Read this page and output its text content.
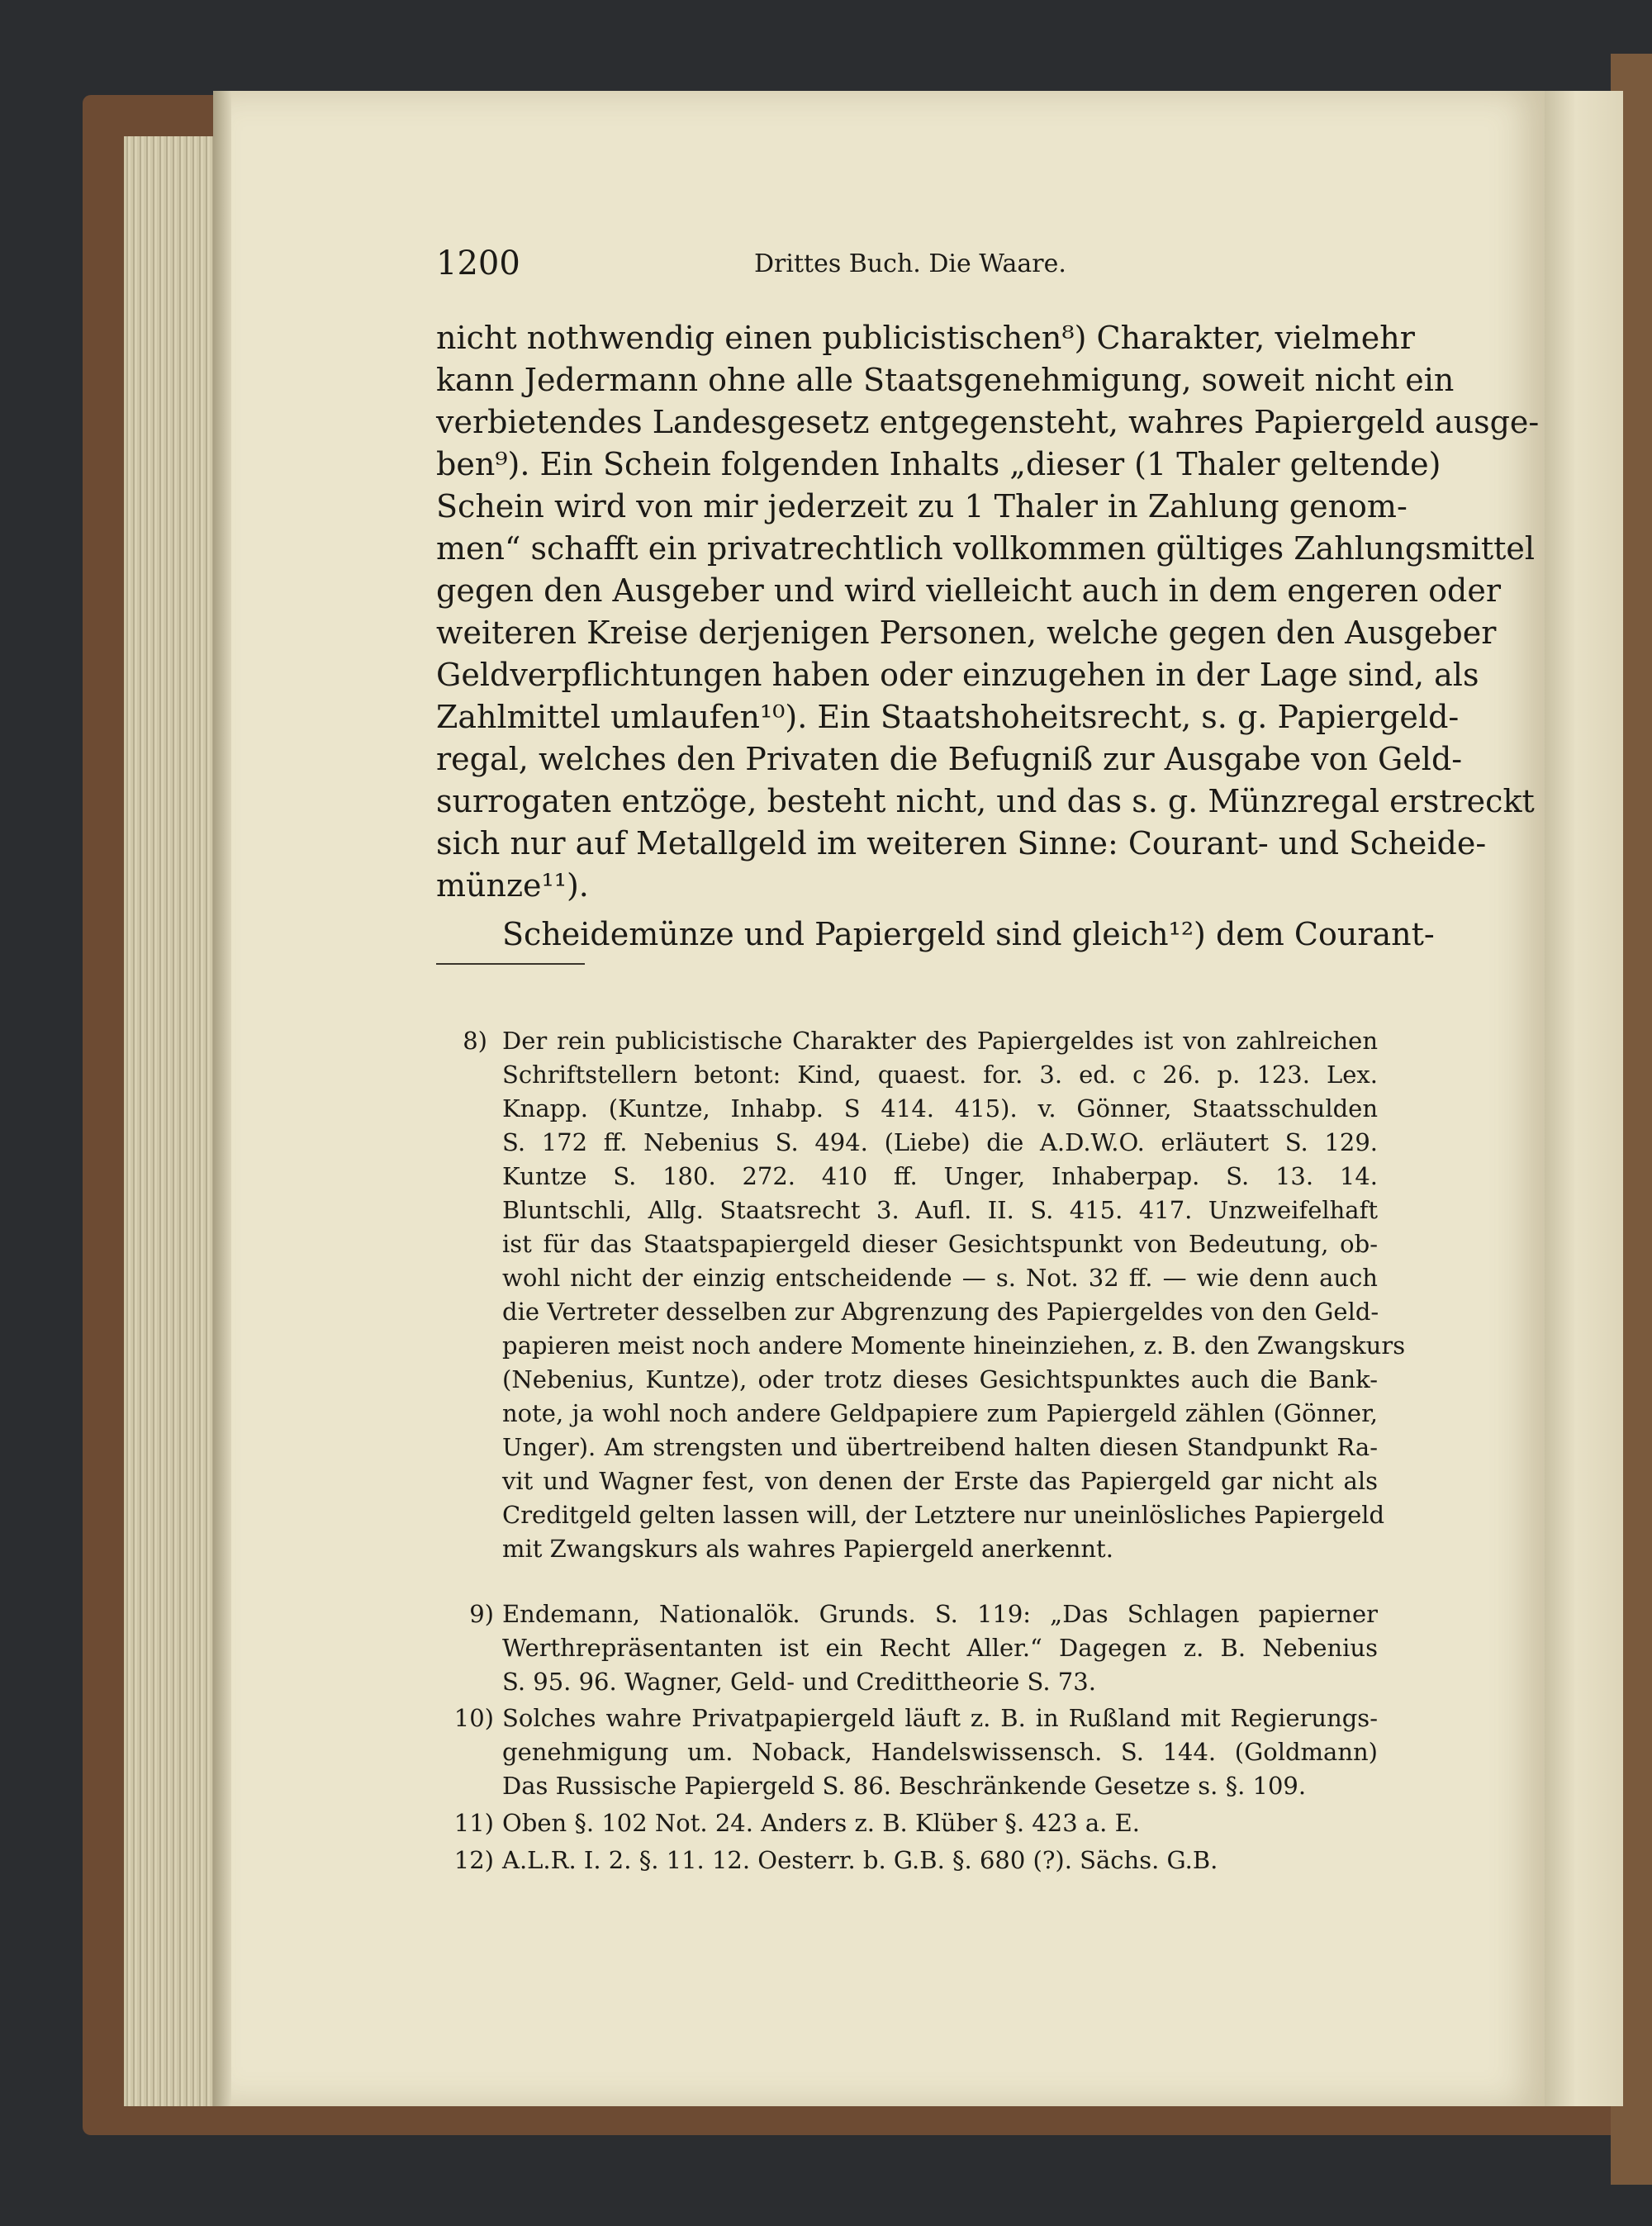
1200	Drittes Buch. Die Waare.
nicht nothwendig einen publicistischen⁸) Charakter, vielmehr
kann Jedermann ohne alle Staatsgenehmigung, soweit nicht ein
verbietendes Landesgesetz entgegensteht, wahres Papiergeld ausge-
ben⁹). Ein Schein folgenden Inhalts „dieser (1 Thaler geltende)
Schein wird von mir jederzeit zu 1 Thaler in Zahlung genom-
men“ schafft ein privatrechtlich vollkommen gültiges Zahlungsmittel
gegen den Ausgeber und wird vielleicht auch in dem engeren oder
weiteren Kreise derjenigen Personen, welche gegen den Ausgeber
Geldverpflichtungen haben oder einzugehen in der Lage sind, als
Zahlmittel umlaufen¹⁰). Ein Staatshoheitsrecht, s. g. Papiergeld-
regal, welches den Privaten die Befugniß zur Ausgabe von Geld-
surrogaten entzöge, besteht nicht, und das s. g. Münzregal erstreckt
sich nur auf Metallgeld im weiteren Sinne: Courant- und Scheide-
münze¹¹).
Scheidemünze und Papiergeld sind gleich¹²) dem Courant-
8) Der rein publicistische Charakter des Papiergeldes ist von zahlreichen
Schriftstellern betont: Kind, quaest. for. 3. ed. c 26. p. 123. Lex.
Knapp. (Kuntze, Inhabp. S 414. 415). v. Gönner, Staatsschulden
S. 172 ff. Nebenius S. 494. (Liebe) die A.D.W.O. erläutert S. 129.
Kuntze S. 180. 272. 410 ff. Unger, Inhaberpap. S. 13. 14.
Bluntschli, Allg. Staatsrecht 3. Aufl. II. S. 415. 417. Unzweifelhaft
ist für das Staatspapiergeld dieser Gesichtspunkt von Bedeutung, ob-
wohl nicht der einzig entscheidende — s. Not. 32 ff. — wie denn auch
die Vertreter desselben zur Abgrenzung des Papiergeldes von den Geld-
papieren meist noch andere Momente hineinziehen, z. B. den Zwangskurs
(Nebenius, Kuntze), oder trotz dieses Gesichtspunktes auch die Bank-
note, ja wohl noch andere Geldpapiere zum Papiergeld zählen (Gönner,
Unger). Am strengsten und übertreibend halten diesen Standpunkt Ra-
vit und Wagner fest, von denen der Erste das Papiergeld gar nicht als
Creditgeld gelten lassen will, der Letztere nur uneinlösliches Papiergeld
mit Zwangskurs als wahres Papiergeld anerkennt.
9) Endemann, Nationalök. Grunds. S. 119: „Das Schlagen papierner
Werthrepräsentanten ist ein Recht Aller.“ Dagegen z. B. Nebenius
S. 95. 96. Wagner, Geld- und Credittheorie S. 73.
10) Solches wahre Privatpapiergeld läuft z. B. in Rußland mit Regierungs-
genehmigung um. Noback, Handelswissensch. S. 144. (Goldmann)
Das Russische Papiergeld S. 86. Beschränkende Gesetze s. §. 109.
11) Oben §. 102 Not. 24. Anders z. B. Klüber §. 423 a. E.
12) A.L.R. I. 2. §. 11. 12. Oesterr. b. G.B. §. 680 (?). Sächs. G.B.
